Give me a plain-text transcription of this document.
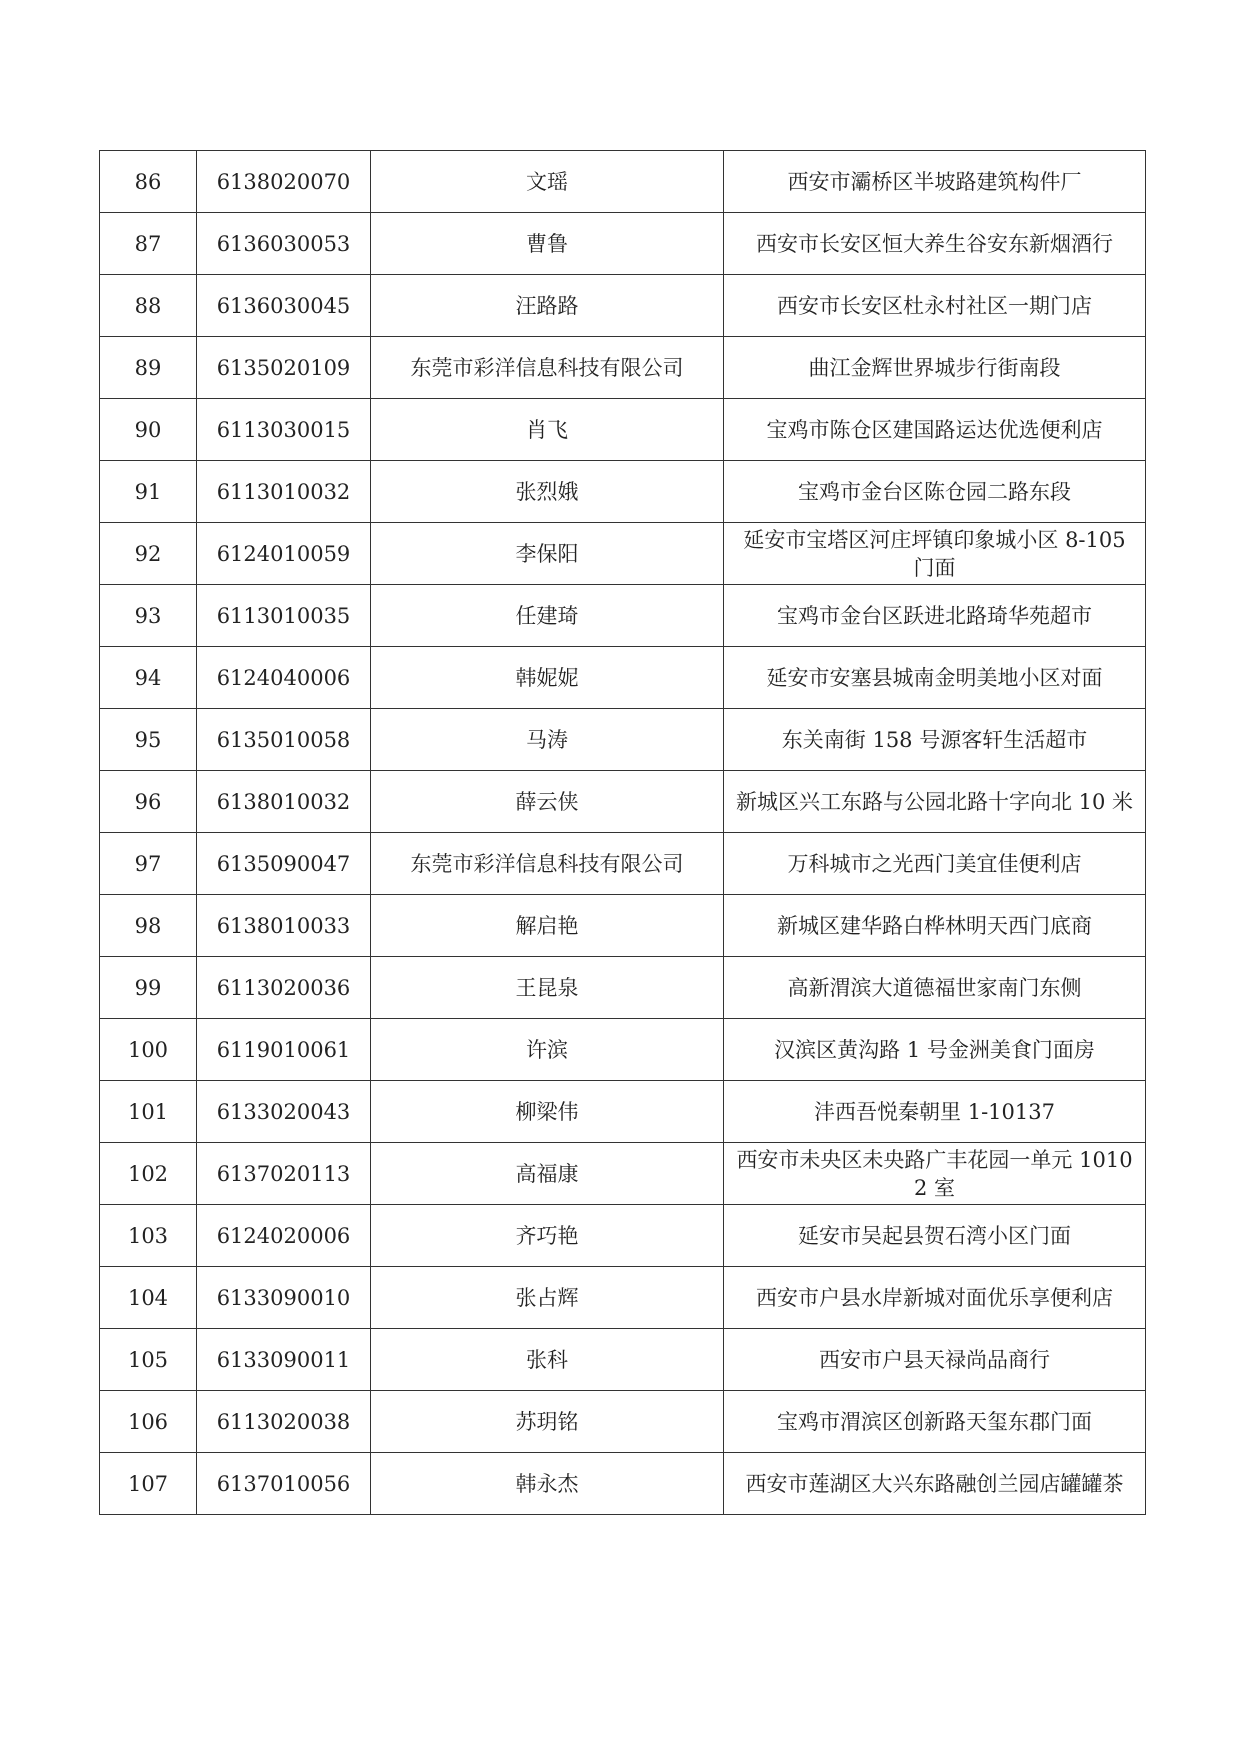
86	6138020070	文瑶	西安市灞桥区半坡路建筑构件厂
87	6136030053	曹鲁	西安市长安区恒大养生谷安东新烟酒行
88	6136030045	汪路路	西安市长安区杜永村社区一期门店
89	6135020109	东莞市彩洋信息科技有限公司	曲江金辉世界城步行街南段
90	6113030015	肖飞	宝鸡市陈仓区建国路运达优选便利店
91	6113010032	张烈娥	宝鸡市金台区陈仓园二路东段
92	6124010059	李保阳	延安市宝塔区河庄坪镇印象城小区 8-105 门面
93	6113010035	任建琦	宝鸡市金台区跃进北路琦华苑超市
94	6124040006	韩妮妮	延安市安塞县城南金明美地小区对面
95	6135010058	马涛	东关南街 158 号源客轩生活超市
96	6138010032	薛云侠	新城区兴工东路与公园北路十字向北 10 米
97	6135090047	东莞市彩洋信息科技有限公司	万科城市之光西门美宜佳便利店
98	6138010033	解启艳	新城区建华路白桦林明天西门底商
99	6113020036	王昆泉	高新渭滨大道德福世家南门东侧
100	6119010061	许滨	汉滨区黄沟路 1 号金洲美食门面房
101	6133020043	柳梁伟	沣西吾悦秦朝里 1-10137
102	6137020113	高福康	西安市未央区未央路广丰花园一单元 10102 室
103	6124020006	齐巧艳	延安市吴起县贺石湾小区门面
104	6133090010	张占辉	西安市户县水岸新城对面优乐享便利店
105	6133090011	张科	西安市户县天禄尚品商行
106	6113020038	苏玥铭	宝鸡市渭滨区创新路天玺东郡门面
107	6137010056	韩永杰	西安市莲湖区大兴东路融创兰园店罐罐茶
